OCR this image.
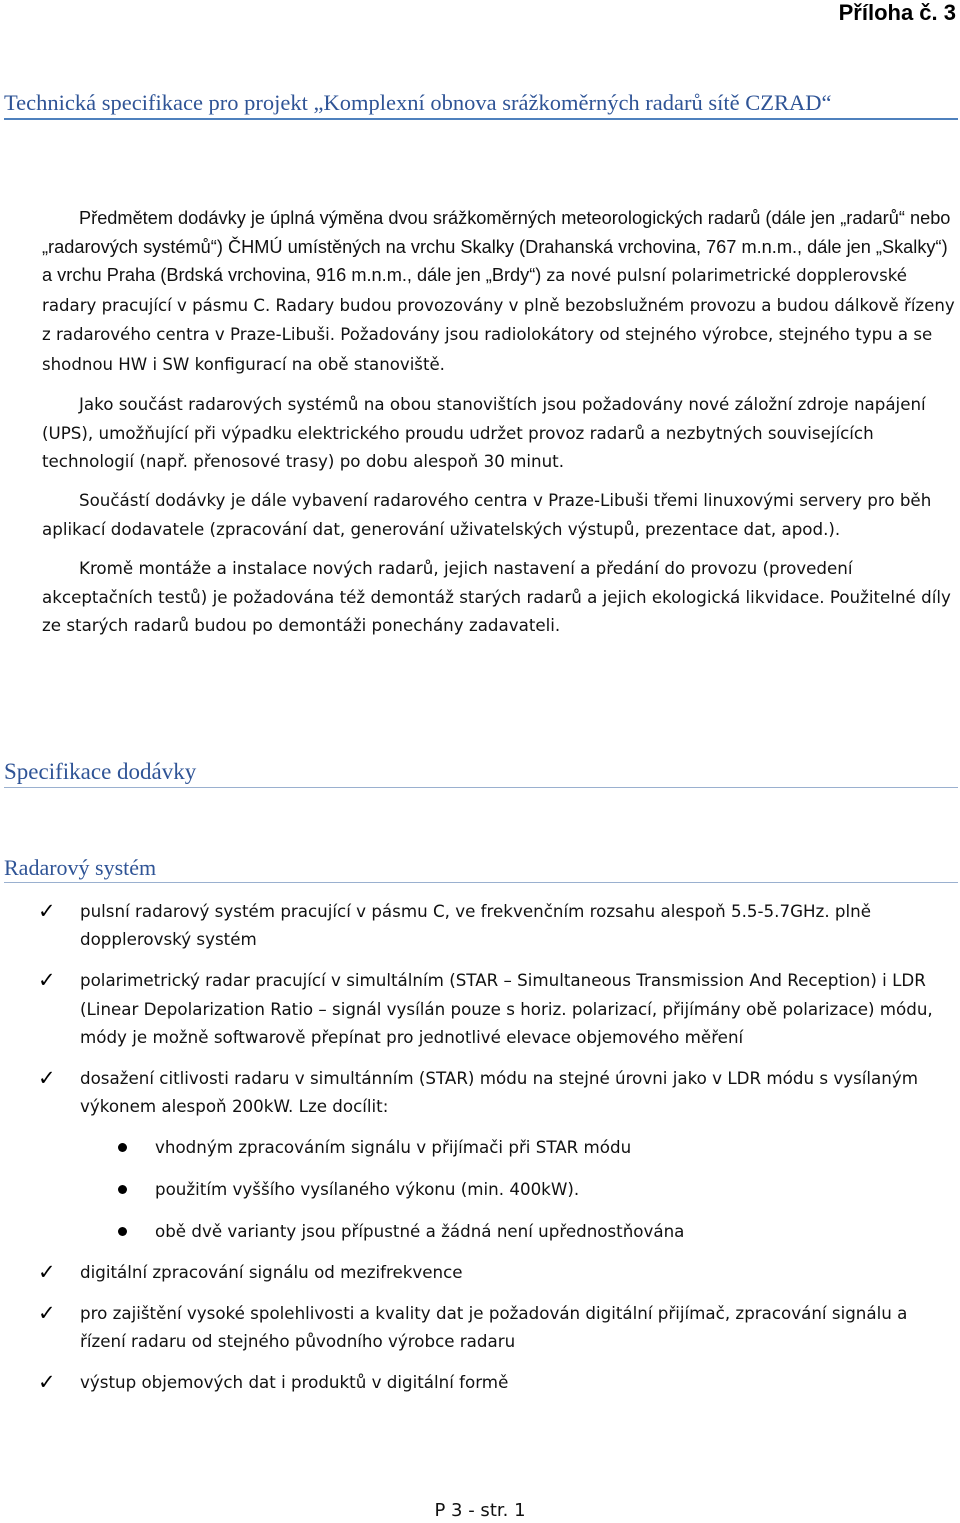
Příloha č. 3
Technická specifikace pro projekt „Komplexní obnova srážkoměrných radarů sítě CZRAD“

Předmětem dodávky je úplná výměna dvou srážkoměrných meteorologických radarů (dále jen „radarů“ nebo „radarových systémů“) ČHMÚ umístěných na vrchu Skalky (Drahanská vrchovina, 767 m.n.m., dále jen „Skalky“) a vrchu Praha (Brdská vrchovina, 916 m.n.m., dále jen „Brdy“) za nové pulsní polarimetrické dopplerovské radary pracující v pásmu C. Radary budou provozovány v plně bezobslužném provozu a budou dálkově řízeny z radarového centra v Praze-Libuši. Požadovány jsou radiolokátory od stejného výrobce, stejného typu a se shodnou HW i SW konfigurací na obě stanoviště.

Jako součást radarových systémů na obou stanovištích jsou požadovány nové záložní zdroje napájení (UPS), umožňující při výpadku elektrického proudu udržet provoz radarů a nezbytných souvisejících technologií (např. přenosové trasy) po dobu alespoň 30 minut.

Součástí dodávky je dále vybavení radarového centra v Praze-Libuši třemi linuxovými servery pro běh aplikací dodavatele (zpracování dat, generování uživatelských výstupů, prezentace dat, apod.).

Kromě montáže a instalace nových radarů, jejich nastavení a předání do provozu (provedení akceptačních testů) je požadována též demontáž starých radarů a jejich ekologická likvidace. Použitelné díly ze starých radarů budou po demontáži ponechány zadavateli.

Specifikace dodávky
Radarový systém
✓ pulsní radarový systém pracující v pásmu C, ve frekvenčním rozsahu alespoň 5.5-5.7GHz. plně dopplerovský systém
✓ polarimetrický radar pracující v simultálním (STAR – Simultaneous Transmission And Reception) i LDR (Linear Depolarization Ratio – signál vysílán pouze s horiz. polarizací, přijímány obě polarizace) módu, módy je možně softwarově přepínat pro jednotlivé elevace objemového měření
✓ dosažení citlivosti radaru v simultánním (STAR) módu na stejné úrovni jako v LDR módu s vysílaným výkonem alespoň 200kW. Lze docílit:
vhodným zpracováním signálu v přijímači při STAR módu
použitím vyššího vysílaného výkonu (min. 400kW).
obě dvě varianty jsou přípustné a žádná není upřednostňována
✓ digitální zpracování signálu od mezifrekvence
✓ pro zajištění vysoké spolehlivosti a kvality dat je požadován digitální přijímač, zpracování signálu a řízení radaru od stejného původního výrobce radaru
✓ výstup objemových dat i produktů v digitální formě
P 3 - str. 1
